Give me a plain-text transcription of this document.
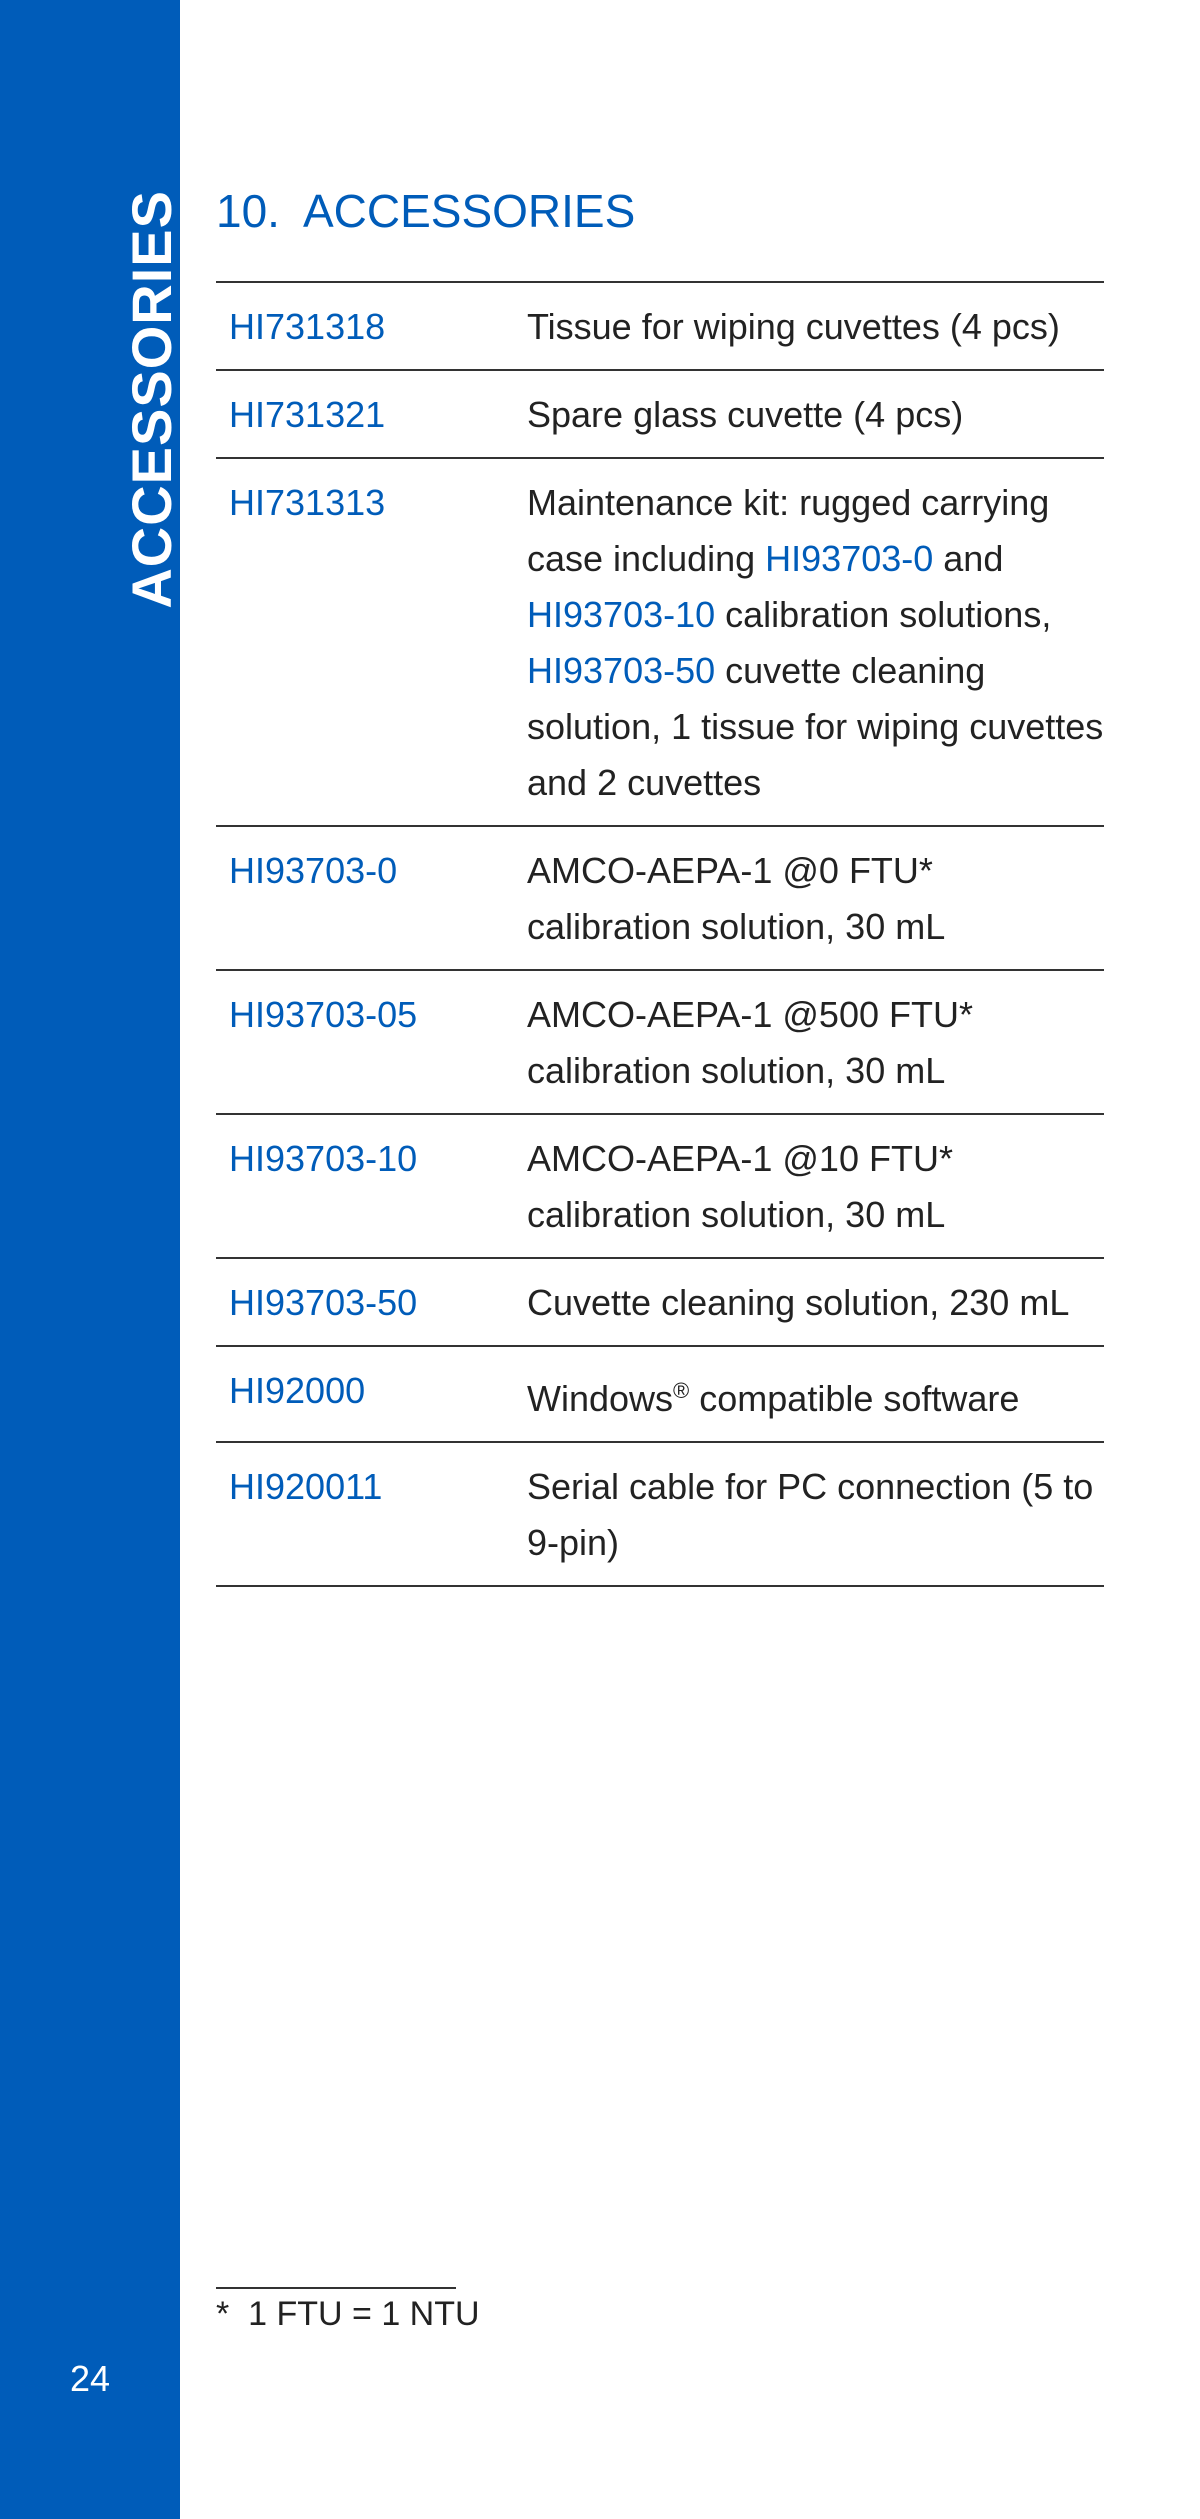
ACCESSORIES
24
10.  ACCESSORIES
HI731318	Tissue for wiping cuvettes (4 pcs)
HI731321	Spare glass cuvette (4 pcs)
HI731313	Maintenance kit: rugged carrying case including HI93703-0 and HI93703-10 calibration solutions, HI93703-50 cuvette cleaning solution, 1 tissue for wiping cuvettes and 2 cuvettes
HI93703-0	AMCO-AEPA-1 @0 FTU* calibration solution, 30 mL
HI93703-05	AMCO-AEPA-1 @500 FTU* calibration solution, 30 mL
HI93703-10	AMCO-AEPA-1 @10 FTU* calibration solution, 30 mL
HI93703-50	Cuvette cleaning solution, 230 mL
HI92000	Windows® compatible software
HI920011	Serial cable for PC connection (5 to 9-pin)
*  1 FTU = 1 NTU
